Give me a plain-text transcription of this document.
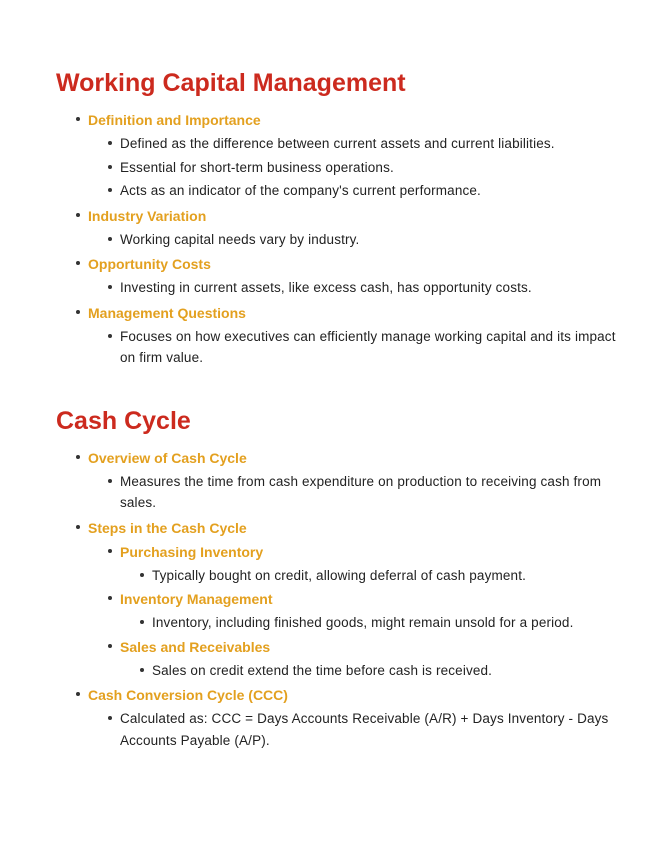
Working Capital Management
Definition and Importance
Defined as the difference between current assets and current liabilities.
Essential for short-term business operations.
Acts as an indicator of the company's current performance.
Industry Variation
Working capital needs vary by industry.
Opportunity Costs
Investing in current assets, like excess cash, has opportunity costs.
Management Questions
Focuses on how executives can efficiently manage working capital and its impact on firm value.
Cash Cycle
Overview of Cash Cycle
Measures the time from cash expenditure on production to receiving cash from sales.
Steps in the Cash Cycle
Purchasing Inventory
Typically bought on credit, allowing deferral of cash payment.
Inventory Management
Inventory, including finished goods, might remain unsold for a period.
Sales and Receivables
Sales on credit extend the time before cash is received.
Cash Conversion Cycle (CCC)
Calculated as: CCC = Days Accounts Receivable (A/R) + Days Inventory - Days Accounts Payable (A/P).
